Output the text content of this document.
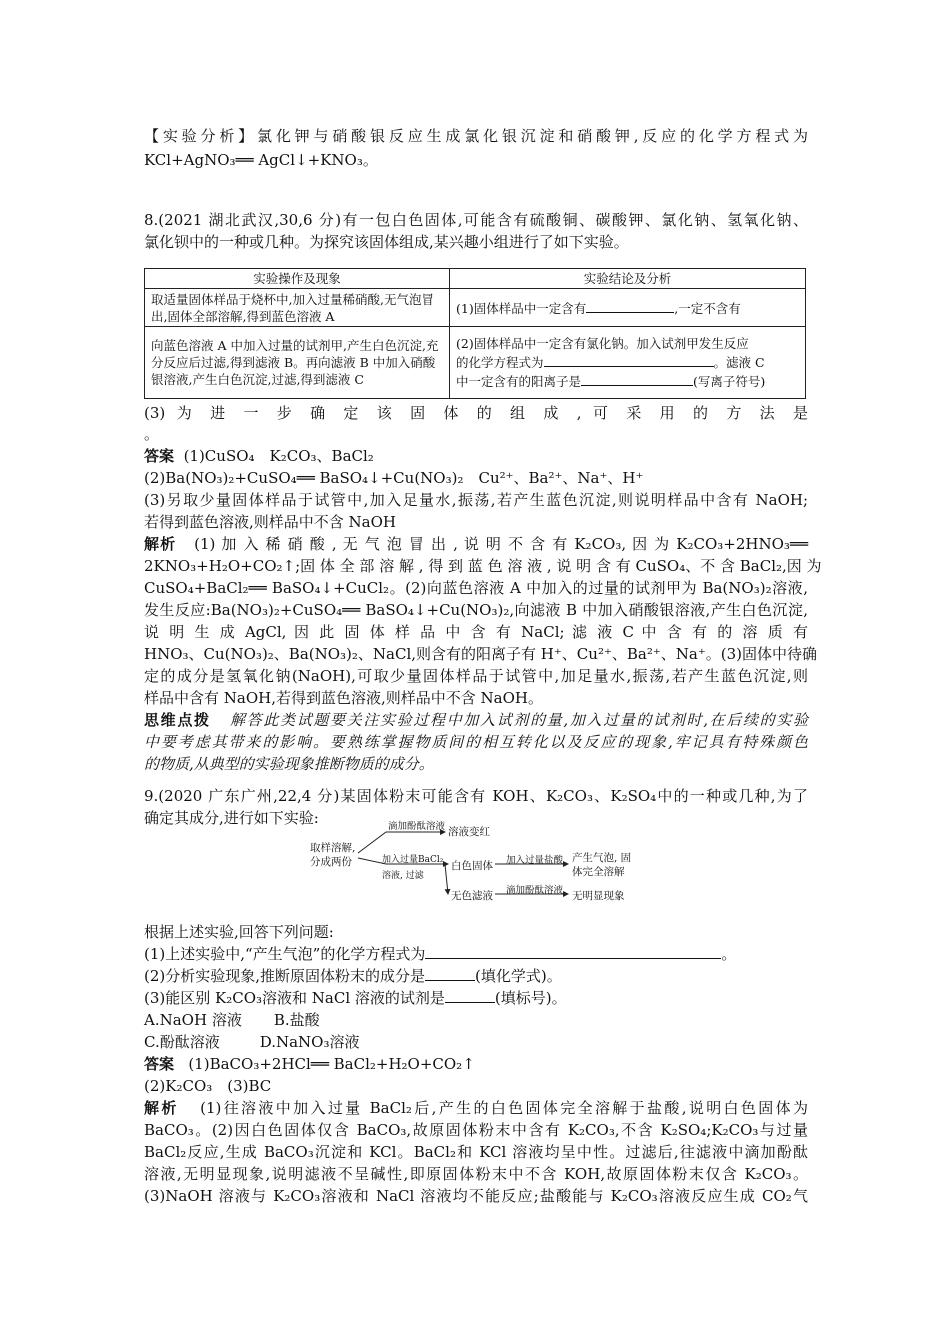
【实验分析】氯化钾与硝酸银反应生成氯化银沉淀和硝酸钾,反应的化学方程式为
KCl+AgNO₃══ AgCl↓+KNO₃。
8.(2021 湖北武汉,30,6 分)有一包白色固体,可能含有硫酸铜、碳酸钾、氯化钠、氢氧化钠、
氯化钡中的一种或几种。为探究该固体组成,某兴趣小组进行了如下实验。
实验操作及现象	实验结论及分析
取适量固体样品于烧杯中,加入过量稀硝酸,无气泡冒出,固体全部溶解,得到蓝色溶液 A	(1)固体样品中一定含有 ,一定不含有
向蓝色溶液 A 中加入过量的试剂甲,产生白色沉淀,充分反应后过滤,得到滤液 B。再向滤液 B 中加入硝酸银溶液,产生白色沉淀,过滤,得到滤液 C	(2)固体样品中一定含有氯化钠。加入试剂甲发生反应
的化学方程式为 。滤液 C
中一定含有的阳离子是 (写离子符号)
(3) 为 进 一 步 确 定 该 固 体 的 组 成 , 可 采 用 的 方 法 是
。
答案 (1)CuSO₄　K₂CO₃、BaCl₂
(2)Ba(NO₃)₂+CuSO₄══ BaSO₄↓+Cu(NO₃)₂　Cu²⁺、Ba²⁺、Na⁺、H⁺
(3)另取少量固体样品于试管中,加入足量水,振荡,若产生蓝色沉淀,则说明样品中含有 NaOH;
若得到蓝色溶液,则样品中不含 NaOH
解析 (1) 加 入 稀 硝 酸 , 无 气 泡 冒 出 , 说 明 不 含 有 K₂CO₃, 因 为 K₂CO₃+2HNO₃══
2KNO₃+H₂O+CO₂↑;固 体 全 部 溶 解 , 得 到 蓝 色 溶 液 , 说 明 含 有 CuSO₄、不 含 BaCl₂,因 为
CuSO₄+BaCl₂══ BaSO₄↓+CuCl₂。(2)向蓝色溶液 A 中加入的过量的试剂甲为 Ba(NO₃)₂溶液,
发生反应:Ba(NO₃)₂+CuSO₄══ BaSO₄↓+Cu(NO₃)₂,向滤液 B 中加入硝酸银溶液,产生白色沉淀,
说 明 生 成 AgCl, 因 此 固 体 样 品 中 含 有 NaCl; 滤 液 C 中 含 有 的 溶 质 有
HNO₃、Cu(NO₃)₂、Ba(NO₃)₂、NaCl,则含有的阳离子有 H⁺、Cu²⁺、Ba²⁺、Na⁺。(3)固体中待确
定的成分是氢氧化钠(NaOH),可取少量固体样品于试管中,加足量水,振荡,若产生蓝色沉淀,则
样品中含有 NaOH,若得到蓝色溶液,则样品中不含 NaOH。
思维点拨 解答此类试题要关注实验过程中加入试剂的量,加入过量的试剂时,在后续的实验
中要考虑其带来的影响。要熟练掌握物质间的相互转化以及反应的现象,牢记具有特殊颜色
的物质,从典型的实验现象推断物质的成分。
9.(2020 广东广州,22,4 分)某固体粉末可能含有 KOH、K₂CO₃、K₂SO₄中的一种或几种,为了
确定其成分,进行如下实验:
取样溶解,
分成两份
滴加酚酞溶液 溶液变红
加入过量BaCl₂
溶液, 过滤
白色固体 加入过量盐酸 产生气泡, 固
体完全溶解
无色滤液 滴加酚酞溶液 无明显现象
根据上述实验,回答下列问题:
(1)上述实验中,“产生气泡”的化学方程式为	。
(2)分析实验现象,推断原固体粉末的成分是	(填化学式)。
(3)能区别 K₂CO₃溶液和 NaCl 溶液的试剂是	(填标号)。
A.NaOH 溶液 B.盐酸
C.酚酞溶液	D.NaNO₃溶液
答案 (1)BaCO₃+2HCl══ BaCl₂+H₂O+CO₂↑
(2)K₂CO₃　(3)BC
解析 (1)往溶液中加入过量 BaCl₂后,产生的白色固体完全溶解于盐酸,说明白色固体为
BaCO₃。(2)因白色固体仅含 BaCO₃,故原固体粉末中含有 K₂CO₃,不含 K₂SO₄;K₂CO₃与过量
BaCl₂反应,生成 BaCO₃沉淀和 KCl。BaCl₂和 KCl 溶液均呈中性。过滤后,往滤液中滴加酚酞
溶液,无明显现象,说明滤液不呈碱性,即原固体粉末中不含 KOH,故原固体粉末仅含 K₂CO₃。
(3)NaOH 溶液与 K₂CO₃溶液和 NaCl 溶液均不能反应;盐酸能与 K₂CO₃溶液反应生成 CO₂气
